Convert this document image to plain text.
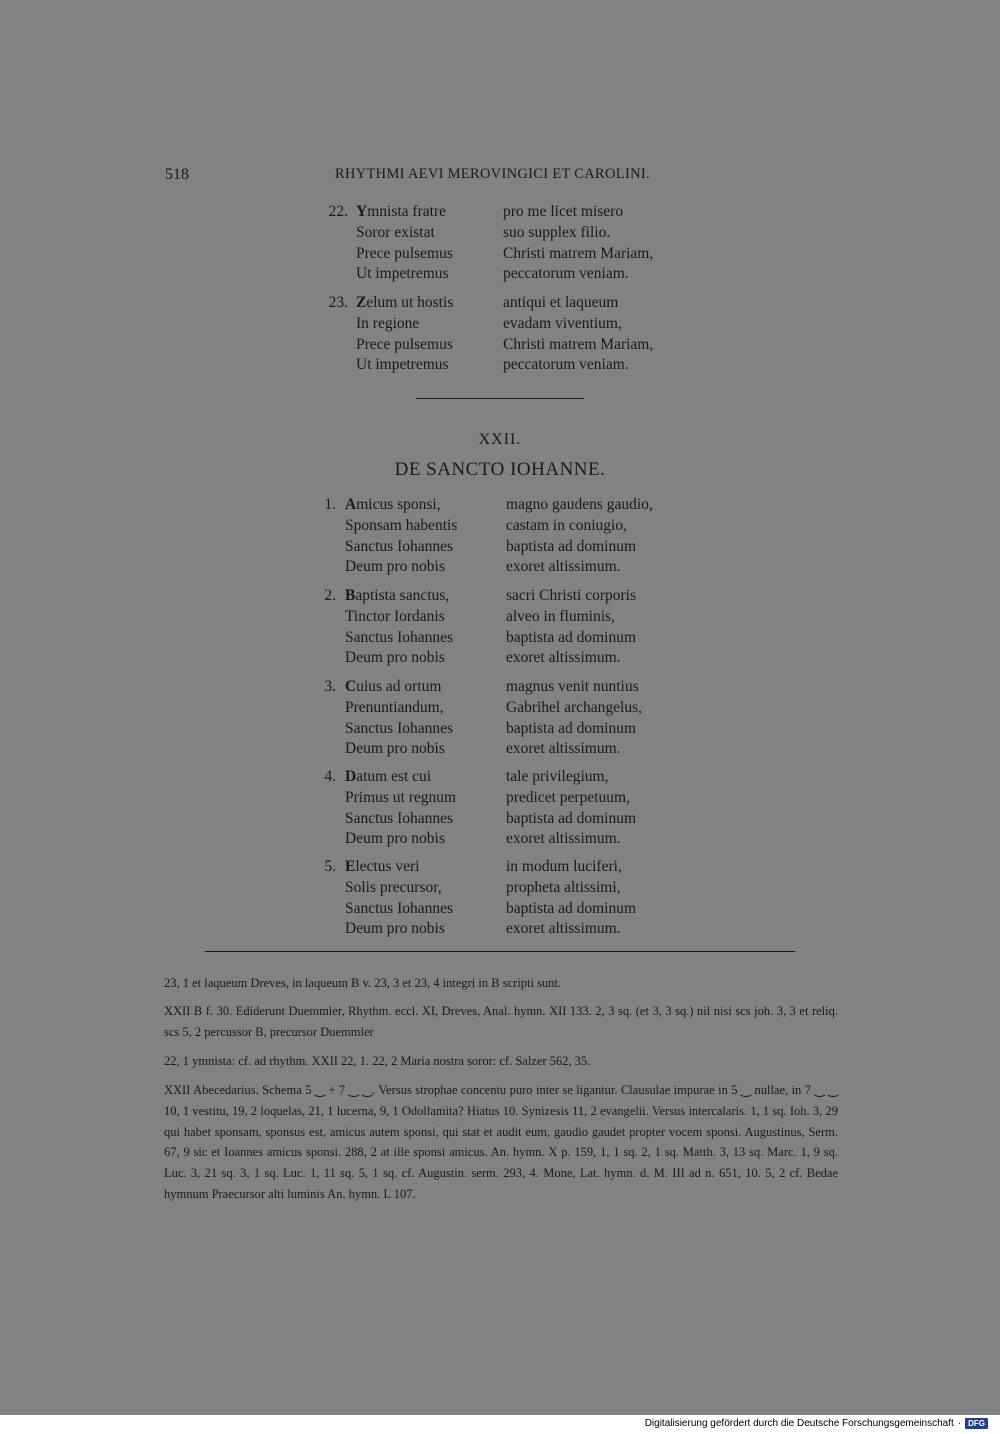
518	RHYTHMI AEVI MEROVINGICI ET CAROLINI.
22. Ymnista fratre
Soror existat
Prece pulsemus
Ut impetremus
pro me licet misero
suo supplex filio.
Christi matrem Mariam,
peccatorum veniam.
23. Zelum ut hostis
In regione
Prece pulsemus
Ut impetremus
antiqui et laqueum
evadam viventium,
Christi matrem Mariam,
peccatorum veniam.
XXII.
DE SANCTO IOHANNE.
1. Amicus sponsi,
Sponsam habentis
Sanctus Iohannes
Deum pro nobis
magno gaudens gaudio,
castam in coniugio,
baptista ad dominum
exoret altissimum.
2. Baptista sanctus,
Tinctor Iordanis
Sanctus Iohannes
Deum pro nobis
sacri Christi corporis
alveo in fluminis,
baptista ad dominum
exoret altissimum.
3. Cuius ad ortum
Prenuntiandum,
Sanctus Iohannes
Deum pro nobis
magnus venit nuntius
Gabrihel archangelus,
baptista ad dominum
exoret altissimum.
4. Datum est cui
Primus ut regnum
Sanctus Iohannes
Deum pro nobis
tale privilegium,
predicet perpetuum,
baptista ad dominum
exoret altissimum.
5. Electus veri
Solis precursor,
Sanctus Iohannes
Deum pro nobis
in modum luciferi,
propheta altissimi,
baptista ad dominum
exoret altissimum.

23, 1 et laqueum Dreves, in laqueum B v. 23, 3 et 23, 4 integri in B scripti sunt.

XXII B f. 30. Ediderunt Duemmler, Rhythm. eccl. XI, Dreves, Anal. hymn. XII 133. 2, 3 sq. (et 3, 3 sq.) nil nisi scs joh. 3, 3 et reliq. scs 5, 2 percussor B, precursor Duemmler

22, 1 ymnista: cf. ad rhythm. XXII 22, 1. 22, 2 Maria nostra soror: cf. Salzer 562, 35.

XXII Abecedarius. Schema 5 ‿ + 7 ‿ ‿. Versus strophae concentu puro inter se ligantur. Clausulae impurae in 5 ‿ nullae, in 7 ‿ ‿ 10, 1 vestitu, 19, 2 loquelas, 21, 1 lucerna, 9, 1 Odollamita? Hiatus 10. Synizesis 11, 2 evangelii. Versus intercalaris. 1, 1 sq. Ioh. 3, 29 qui habet sponsam, sponsus est, amicus autem sponsi, qui stat et audit eum, gaudio gaudet propter vocem sponsi. Augustinus, Serm. 67, 9 sic et Ioannes amicus sponsi. 288, 2 at ille sponsi amicus. An. hymn. X p. 159, 1, 1 sq. 2, 1 sq. Matth. 3, 13 sq. Marc. 1, 9 sq. Luc. 3, 21 sq. 3, 1 sq. Luc. 1, 11 sq. 5, 1 sq. cf. Augustin. serm. 293, 4. Mone, Lat. hymn. d. M. III ad n. 651, 10. 5, 2 cf. Bedae hymnum Praecursor alti luminis An. hymn. L 107.

Digitalisierung gefördert durch die Deutsche Forschungsgemeinschaft · DFG
